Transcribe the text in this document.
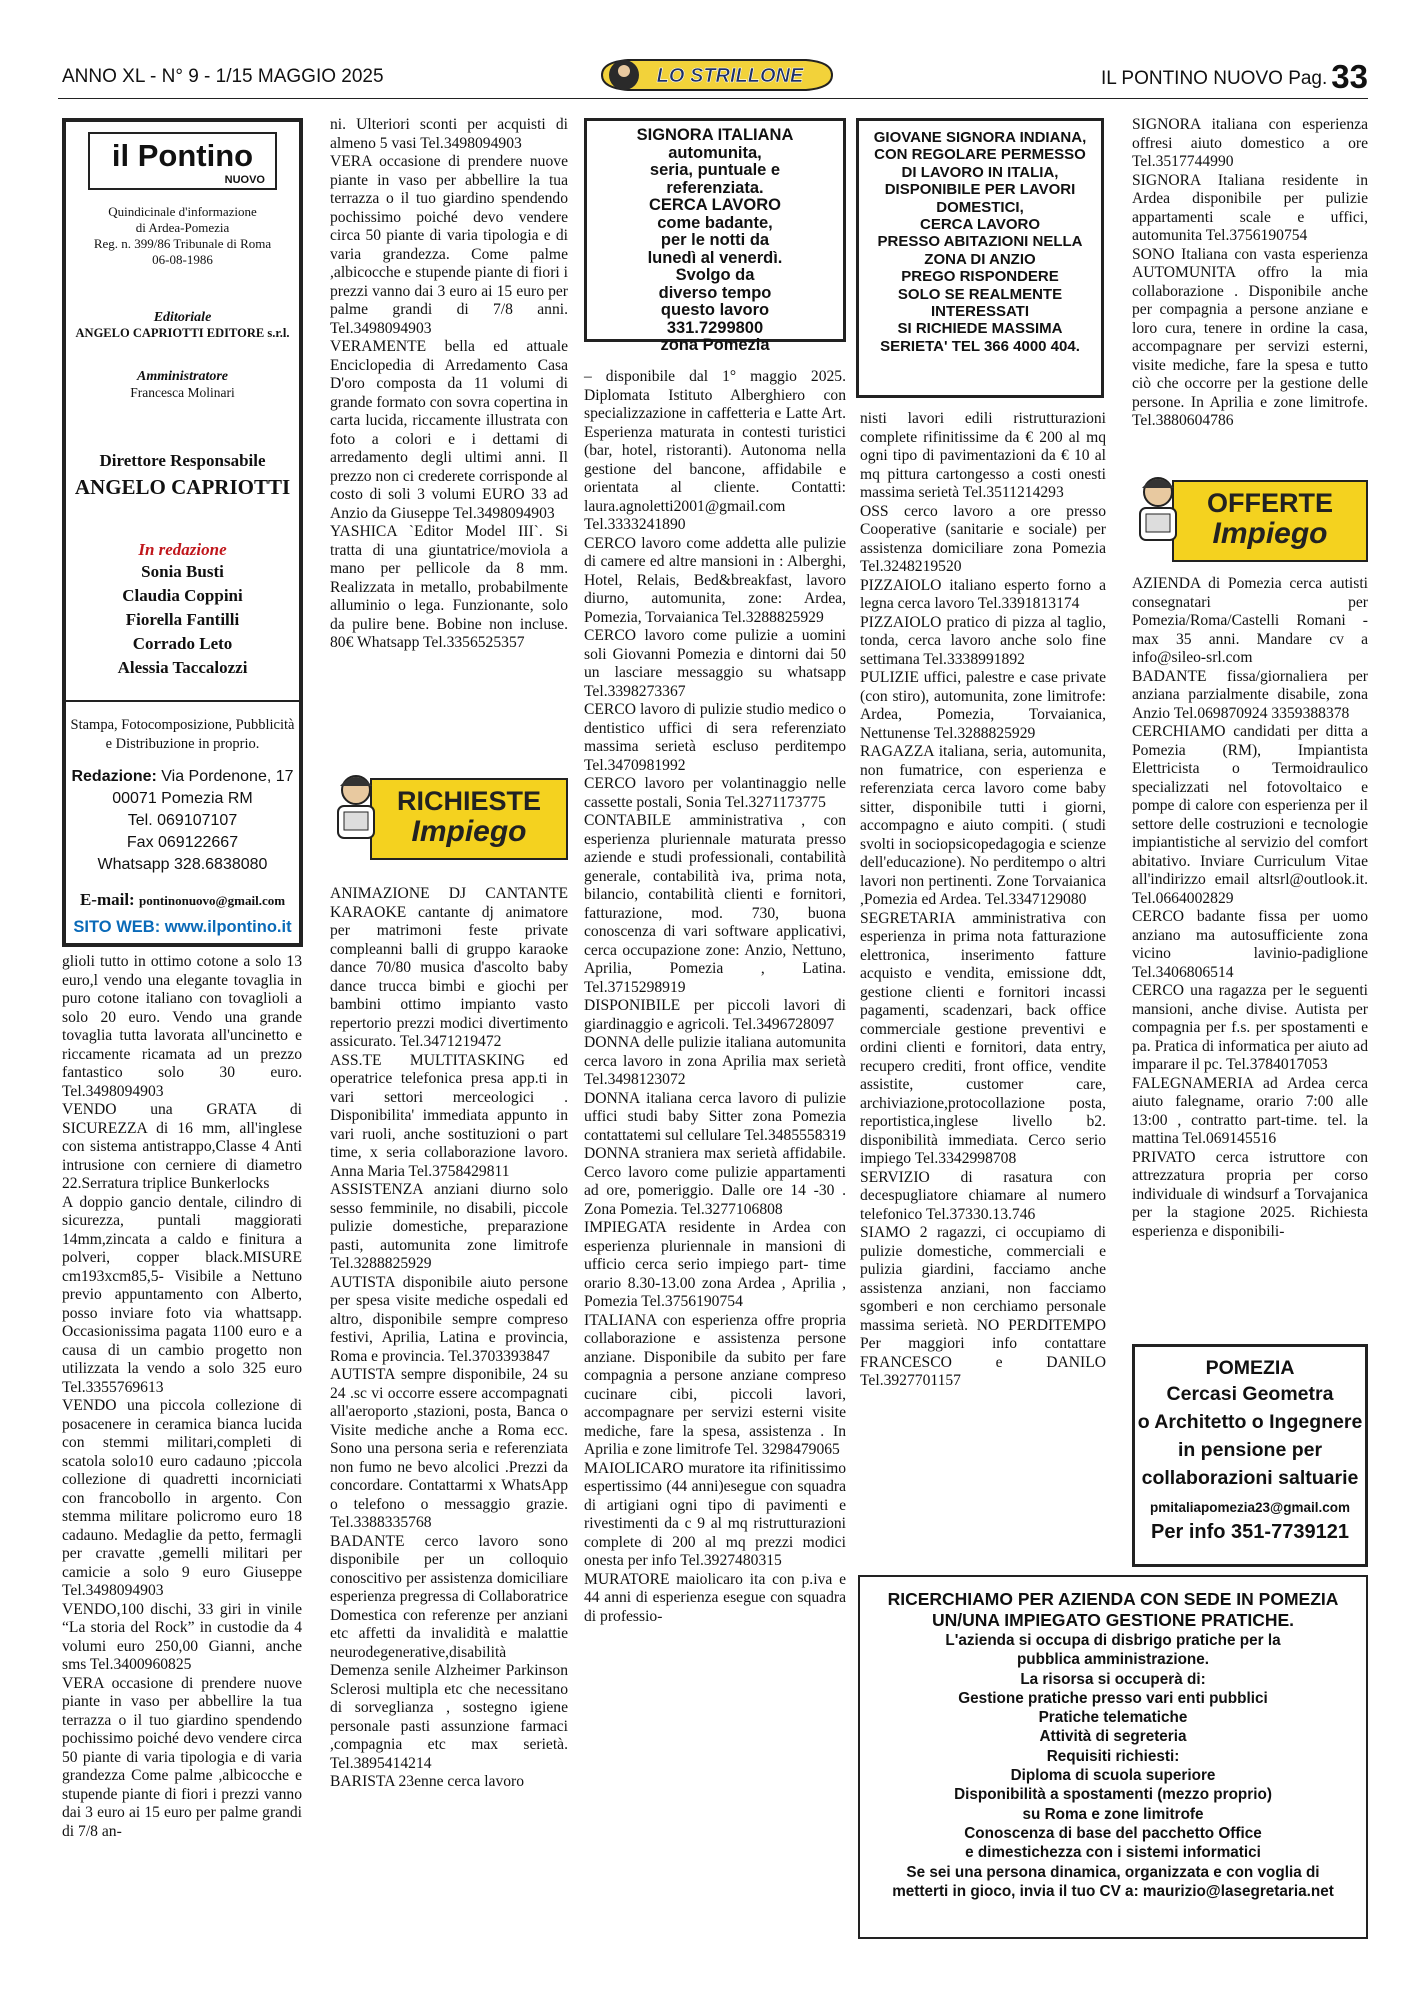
ANNO XL - N° 9 - 1/15 MAGGIO 2025	LO STRILLONE	IL PONTINO NUOVO Pag. 33
il Pontino
NUOVO
Quindicinale d'informazione
di Ardea-Pomezia
Reg. n. 399/86 Tribunale di Roma
06-08-1986
Editoriale
ANGELO CAPRIOTTI EDITORE s.r.l.
Amministratore
Francesca Molinari
Direttore Responsabile
ANGELO CAPRIOTTI
In redazione
Sonia Busti
Claudia Coppini
Fiorella Fantilli
Corrado Leto
Alessia Taccalozzi
Stampa, Fotocomposizione, Pubblicità
e Distribuzione in proprio.
Redazione: Via Pordenone, 17
00071 Pomezia RM
Tel. 069107107
Fax 069122667
Whatsapp 328.6838080
E-mail: pontinonuovo@gmail.com
SITO WEB: www.ilpontino.it

glioli tutto in ottimo cotone a solo 13 euro,l vendo una elegante tovaglia in puro cotone italiano con tovaglioli a solo 20 euro. Vendo una grande tovaglia tutta lavorata all'uncinetto e riccamente ricamata ad un prezzo fantastico solo 30 euro. Tel.3498094903

VENDO una GRATA di SICUREZZA di 16 mm, all'inglese con sistema antistrappo,Classe 4 Anti intrusione con cerniere di diametro 22.Serratura triplice Bunkerlocks

A doppio gancio dentale, cilindro di sicurezza, puntali maggiorati 14mm,zincata a caldo e finitura a polveri, copper black.MISURE cm193xcm85,5- Visibile a Nettuno previo appuntamento con Alberto, posso inviare foto via whattsapp. Occasionissima pagata 1100 euro e a causa di un cambio progetto non utilizzata la vendo a solo 325 euro Tel.3355769613

VENDO una piccola collezione di posacenere in ceramica bianca lucida con stemmi militari,completi di scatola solo10 euro cadauno ;piccola collezione di quadretti incorniciati con francobollo in argento. Con stemma militare policromo euro 18 cadauno. Medaglie da petto, fermagli per cravatte ,gemelli militari per camicie a solo 9 euro Giuseppe Tel.3498094903

VENDO,100 dischi, 33 giri in vinile “La storia del Rock” in custodie da 4 volumi euro 250,00 Gianni, anche sms Tel.3400960825

VERA occasione di prendere nuove piante in vaso per abbellire la tua terrazza o il tuo giardino spendendo pochissimo poiché devo vendere circa 50 piante di varia tipologia e di varia grandezza Come palme ,albicocche e stupende piante di fiori i prezzi vanno dai 3 euro ai 15 euro per palme grandi di 7/8 an-

ni. Ulteriori sconti per acquisti di almeno 5 vasi Tel.3498094903

VERA occasione di prendere nuove piante in vaso per abbellire la tua terrazza o il tuo giardino spendendo pochissimo poiché devo vendere circa 50 piante di varia tipologia e di varia grandezza. Come palme ,albicocche e stupende piante di fiori i prezzi vanno dai 3 euro ai 15 euro per palme grandi di 7/8 anni. Tel.3498094903

VERAMENTE bella ed attuale Enciclopedia di Arredamento Casa D'oro composta da 11 volumi di grande formato con sovra copertina in carta lucida, riccamente illustrata con foto a colori e i dettami di arredamento degli ultimi anni. Il prezzo non ci crederete corrisponde al costo di soli 3 volumi EURO 33 ad Anzio da Giuseppe Tel.3498094903

YASHICA `Editor Model III`. Si tratta di una giuntatrice/moviola a mano per pellicole da 8 mm. Realizzata in metallo, probabilmente alluminio o lega. Funzionante, solo da pulire bene. Bobine non incluse. 80€ Whatsapp Tel.3356525357

RICHIESTE
Impiego

ANIMAZIONE DJ CANTANTE KARAOKE cantante dj animatore per matrimoni feste private compleanni balli di gruppo karaoke dance 70/80 musica d'ascolto baby dance trucca bimbi e giochi per bambini ottimo impianto vasto repertorio prezzi modici divertimento assicurato. Tel.3471219472

ASS.TE MULTITASKING ed operatrice telefonica presa app.ti in vari settori merceologici . Disponibilita' immediata appunto in vari ruoli, anche sostituzioni o part time, x seria collaborazione lavoro. Anna Maria Tel.3758429811

ASSISTENZA anziani diurno solo sesso femminile, no disabili, piccole pulizie domestiche, preparazione pasti, automunita zone limitrofe Tel.3288825929

AUTISTA disponibile aiuto persone per spesa visite mediche ospedali ed altro, disponibile sempre compreso festivi, Aprilia, Latina e provincia, Roma e provincia. Tel.3703393847

AUTISTA sempre disponibile, 24 su 24 .sc vi occorre essere accompagnati all'aeroporto ,stazioni, posta, Banca o Visite mediche anche a Roma ecc. Sono una persona seria e referenziata non fumo ne bevo alcolici .Prezzi da concordare. Contattarmi x WhatsApp o telefono o messaggio grazie. Tel.3388335768

BADANTE cerco lavoro sono disponibile per un colloquio conoscitivo per assistenza domiciliare esperienza pregressa di Collaboratrice Domestica con referenze per anziani etc affetti da invalidità e malattie neurodegenerative,disabilità Demenza senile Alzheimer Parkinson Sclerosi multipla etc che necessitano di sorveglianza , sostegno igiene personale pasti assunzione farmaci ,compagnia etc max serietà. Tel.3895414214

BARISTA 23enne cerca lavoro

SIGNORA ITALIANA
automunita,
seria, puntuale e
referenziata.
CERCA LAVORO
come badante,
per le notti da
lunedì al venerdì.
Svolgo da
diverso tempo
questo lavoro
331.7299800
zona Pomezia

– disponibile dal 1° maggio 2025. Diplomata Istituto Alberghiero con specializzazione in caffetteria e Latte Art. Esperienza maturata in contesti turistici (bar, hotel, ristoranti). Autonoma nella gestione del bancone, affidabile e orientata al cliente. Contatti: laura.agnoletti2001@gmail.com Tel.3333241890

CERCO lavoro come addetta alle pulizie di camere ed altre mansioni in : Alberghi, Hotel, Relais, Bed&breakfast, lavoro diurno, automunita, zone: Ardea, Pomezia, Torvaianica Tel.3288825929

CERCO lavoro come pulizie a uomini soli Giovanni Pomezia e dintorni dai 50 un lasciare messaggio su whatsapp Tel.3398273367

CERCO lavoro di pulizie studio medico o dentistico uffici di sera referenziato massima serietà escluso perditempo Tel.3470981992

CERCO lavoro per volantinaggio nelle cassette postali, Sonia Tel.3271173775

CONTABILE amministrativa , con esperienza pluriennale maturata presso aziende e studi professionali, contabilità generale, contabilità iva, prima nota, bilancio, contabilità clienti e fornitori, fatturazione, mod. 730, buona conoscenza di vari software applicativi, cerca occupazione zone: Anzio, Nettuno, Aprilia, Pomezia , Latina. Tel.3715298919

DISPONIBILE per piccoli lavori di giardinaggio e agricoli. Tel.3496728097

DONNA delle pulizie italiana automunita cerca lavoro in zona Aprilia max serietà Tel.3498123072

DONNA italiana cerca lavoro di pulizie uffici studi baby Sitter zona Pomezia contattatemi sul cellulare Tel.3485558319

DONNA straniera max serietà affidabile. Cerco lavoro come pulizie appartamenti ad ore, pomeriggio. Dalle ore 14 -30 . Zona Pomezia. Tel.3277106808

IMPIEGATA residente in Ardea con esperienza pluriennale in mansioni di ufficio cerca serio impiego part- time orario 8.30-13.00 zona Ardea , Aprilia , Pomezia Tel.3756190754

ITALIANA con esperienza offre propria collaborazione e assistenza persone anziane. Disponibile da subito per fare compagnia a persone anziane compreso cucinare cibi, piccoli lavori, accompagnare per servizi esterni visite mediche, fare la spesa, assistenza . In Aprilia e zone limitrofe Tel. 3298479065

MAIOLICARO muratore ita rifinitissimo espertissimo (44 anni)esegue con squadra di artigiani ogni tipo di pavimenti e rivestimenti da c 9 al mq ristrutturazioni complete di 200 al mq prezzi modici onesta per info Tel.3927480315

MURATORE maiolicaro ita con p.iva e 44 anni di esperienza esegue con squadra di professio-

GIOVANE SIGNORA INDIANA,
CON REGOLARE PERMESSO
DI LAVORO IN ITALIA,
DISPONIBILE PER LAVORI
DOMESTICI,
CERCA LAVORO
PRESSO ABITAZIONI NELLA
ZONA DI ANZIO
PREGO RISPONDERE
SOLO SE REALMENTE
INTERESSATI
SI RICHIEDE MASSIMA
SERIETA' TEL 366 4000 404.

nisti lavori edili ristrutturazioni complete rifinitissime da € 200 al mq ogni tipo di pavimentazioni da € 10 al mq pittura cartongesso a costi onesti massima serietà Tel.3511214293

OSS cerco lavoro a ore presso Cooperative (sanitarie e sociale) per assistenza domiciliare zona Pomezia Tel.3248219520

PIZZAIOLO italiano esperto forno a legna cerca lavoro Tel.3391813174

PIZZAIOLO pratico di pizza al taglio, tonda, cerca lavoro anche solo fine settimana Tel.3338991892

PULIZIE uffici, palestre e case private (con stiro), automunita, zone limitrofe: Ardea, Pomezia, Torvaianica, Nettunense Tel.3288825929

RAGAZZA italiana, seria, automunita, non fumatrice, con esperienza e referenziata cerca lavoro come baby sitter, disponibile tutti i giorni, accompagno e aiuto compiti. ( studi svolti in sociopsicopedagogia e scienze dell'educazione). No perditempo o altri lavori non pertinenti. Zone Torvaianica ,Pomezia ed Ardea. Tel.3347129080

SEGRETARIA amministrativa con esperienza in prima nota fatturazione elettronica, inserimento fatture acquisto e vendita, emissione ddt, gestione clienti e fornitori incassi pagamenti, scadenzari, back office commerciale gestione preventivi e ordini clienti e fornitori, data entry, recupero crediti, front office, vendite assistite, customer care, archiviazione,protocollazione posta, reportistica,inglese livello b2. disponibilità immediata. Cerco serio impiego Tel.3342998708

SERVIZIO di rasatura con decespugliatore chiamare al numero telefonico Tel.37330.13.746

SIAMO 2 ragazzi, ci occupiamo di pulizie domestiche, commerciali e pulizia giardini, facciamo anche assistenza anziani, non facciamo sgomberi e non cerchiamo personale massima serietà. NO PERDITEMPO Per maggiori info contattare FRANCESCO e DANILO Tel.3927701157

SIGNORA italiana con esperienza offresi aiuto domestico a ore Tel.3517744990

SIGNORA Italiana residente in Ardea disponibile per pulizie appartamenti scale e uffici, automunita Tel.3756190754

SONO Italiana con vasta esperienza AUTOMUNITA offro la mia collaborazione . Disponibile anche per compagnia a persone anziane e loro cura, tenere in ordine la casa, accompagnare per servizi esterni, visite mediche, fare la spesa e tutto ciò che occorre per la gestione delle persone. In Aprilia e zone limitrofe. Tel.3880604786

OFFERTE
Impiego

AZIENDA di Pomezia cerca autisti consegnatari per Pomezia/Roma/Castelli Romani - max 35 anni. Mandare cv a info@sileo-srl.com

BADANTE fissa/giornaliera per anziana parzialmente disabile, zona Anzio Tel.069870924 3359388378

CERCHIAMO candidati per ditta a Pomezia (RM), Impiantista Elettricista o Termoidraulico specializzati nel fotovoltaico e pompe di calore con esperienza per il settore delle costruzioni e tecnologie impiantistiche al servizio del comfort abitativo. Inviare Curriculum Vitae all'indirizzo email altsrl@outlook.it. Tel.0664002829

CERCO badante fissa per uomo anziano ma autosufficiente zona vicino lavinio-padiglione Tel.3406806514

CERCO una ragazza per le seguenti mansioni, anche divise. Autista per compagnia per f.s. per spostamenti e pa. Pratica di informatica per aiuto ad imparare il pc. Tel.3784017053

FALEGNAMERIA ad Ardea cerca aiuto falegname, orario 7:00 alle 13:00 , contratto part-time. tel. la mattina Tel.069145516

PRIVATO cerca istruttore con attrezzatura propria per corso individuale di windsurf a Torvajanica per la stagione 2025. Richiesta esperienza e disponibili-

POMEZIA
Cercasi Geometra
o Architetto o Ingegnere
in pensione per
collaborazioni saltuarie
pmitaliapomezia23@gmail.com
Per info 351-7739121
RICERCHIAMO PER AZIENDA CON SEDE IN POMEZIA
UN/UNA IMPIEGATO GESTIONE PRATICHE.
L'azienda si occupa di disbrigo pratiche per la
pubblica amministrazione.
La risorsa si occuperà di:
Gestione pratiche presso vari enti pubblici
Pratiche telematiche
Attività di segreteria
Requisiti richiesti:
Diploma di scuola superiore
Disponibilità a spostamenti (mezzo proprio)
su Roma e zone limitrofe
Conoscenza di base del pacchetto Office
e dimestichezza con i sistemi informatici
Se sei una persona dinamica, organizzata e con voglia di
metterti in gioco, invia il tuo CV a: maurizio@lasegretaria.net
